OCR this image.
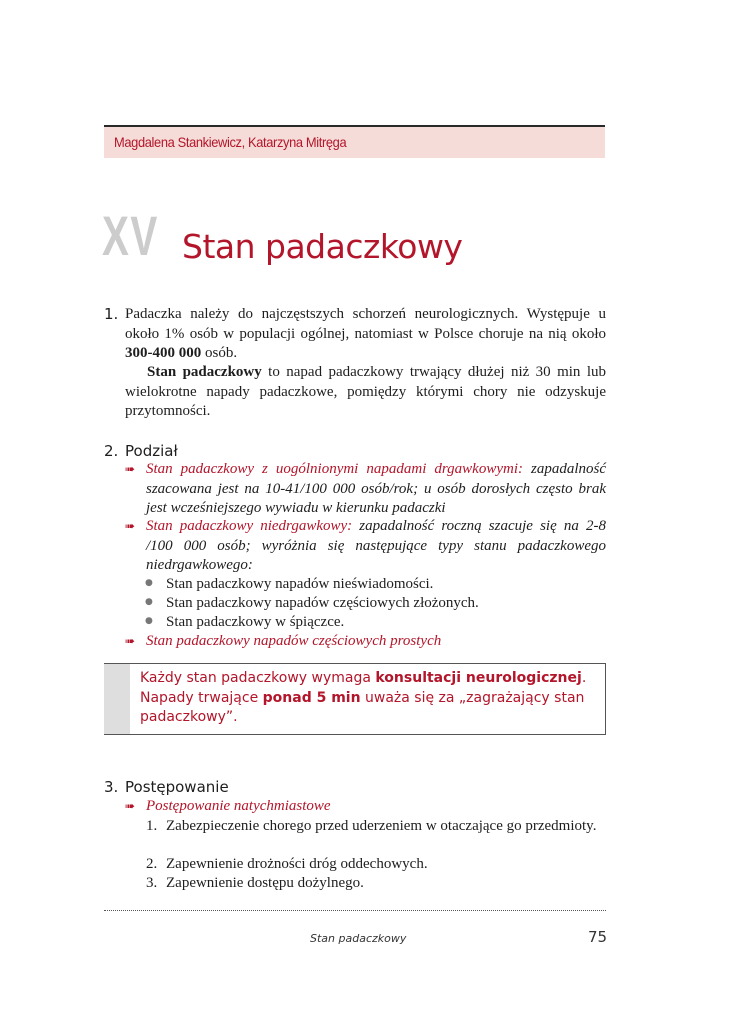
Magdalena Stankiewicz, Katarzyna Mitręga
XV Stan padaczkowy
1. Padaczka należy do najczęstszych schorzeń neurologicznych. Występuje u około 1% osób w populacji ogólnej, natomiast w Polsce choruje na nią około 300-400 000 osób.
Stan padaczkowy to napad padaczkowy trwający dłużej niż 30 min lub wielokrotne napady padaczkowe, pomiędzy którymi chory nie odzyskuje przytomności.
2. Podział
➠ Stan padaczkowy z uogólnionymi napadami drgawkowymi: zapadalność szacowana jest na 10-41/100 000 osób/rok; u osób dorosłych często brak jest wcześniejszego wywiadu w kierunku padaczki
➠ Stan padaczkowy niedrgawkowy: zapadalność roczną szacuje się na 2-8 /100 000 osób; wyróżnia się następujące typy stanu padaczkowego niedrgawkowego:
● Stan padaczkowy napadów nieświadomości.
● Stan padaczkowy napadów częściowych złożonych.
● Stan padaczkowy w śpiączce.
➠ Stan padaczkowy napadów częściowych prostych
Każdy stan padaczkowy wymaga konsultacji neurologicznej.
Napady trwające ponad 5 min uważa się za „zagrażający stan padaczkowy”.
3. Postępowanie
➠ Postępowanie natychmiastowe
1. Zabezpieczenie chorego przed uderzeniem w otaczające go przedmioty.
2. Zapewnienie drożności dróg oddechowych.
3. Zapewnienie dostępu dożylnego.
Stan padaczkowy	75
